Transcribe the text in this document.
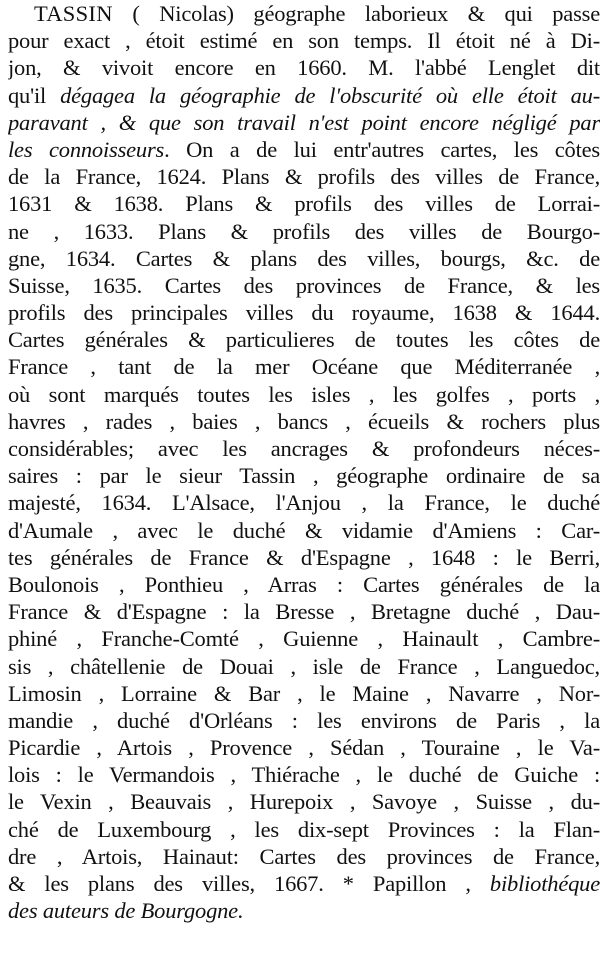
TASSIN ( Nicolas) géographe laborieux & qui passe
pour exact , étoit estimé en son temps. Il étoit né à Di-
jon, & vivoit encore en 1660. M. l'abbé Lenglet dit
qu'il dégagea la géographie de l'obscurité où elle étoit au-
paravant , & que son travail n'est point encore négligé par
les connoisseurs. On a de lui entr'autres cartes, les côtes
de la France, 1624. Plans & profils des villes de France,
1631 & 1638. Plans & profils des villes de Lorrai-
ne , 1633. Plans & profils des villes de Bourgo-
gne, 1634. Cartes & plans des villes, bourgs, &c. de
Suisse, 1635. Cartes des provinces de France, & les
profils des principales villes du royaume, 1638 & 1644.
Cartes générales & particulieres de toutes les côtes de
France , tant de la mer Océane que Méditerranée ,
où sont marqués toutes les isles , les golfes , ports ,
havres , rades , baies , bancs , écueils & rochers plus
considérables; avec les ancrages & profondeurs néces-
saires : par le sieur Tassin , géographe ordinaire de sa
majesté, 1634. L'Alsace, l'Anjou , la France, le duché
d'Aumale , avec le duché & vidamie d'Amiens : Car-
tes générales de France & d'Espagne , 1648 : le Berri,
Boulonois , Ponthieu , Arras : Cartes générales de la
France & d'Espagne : la Bresse , Bretagne duché , Dau-
phiné , Franche-Comté , Guienne , Hainault , Cambre-
sis , châtellenie de Douai , isle de France , Languedoc,
Limosin , Lorraine & Bar , le Maine , Navarre , Nor-
mandie , duché d'Orléans : les environs de Paris , la
Picardie , Artois , Provence , Sédan , Touraine , le Va-
lois : le Vermandois , Thiérache , le duché de Guiche :
le Vexin , Beauvais , Hurepoix , Savoye , Suisse , du-
ché de Luxembourg , les dix-sept Provinces : la Flan-
dre , Artois, Hainaut: Cartes des provinces de France,
& les plans des villes, 1667. * Papillon , bibliothéque
des auteurs de Bourgogne.
